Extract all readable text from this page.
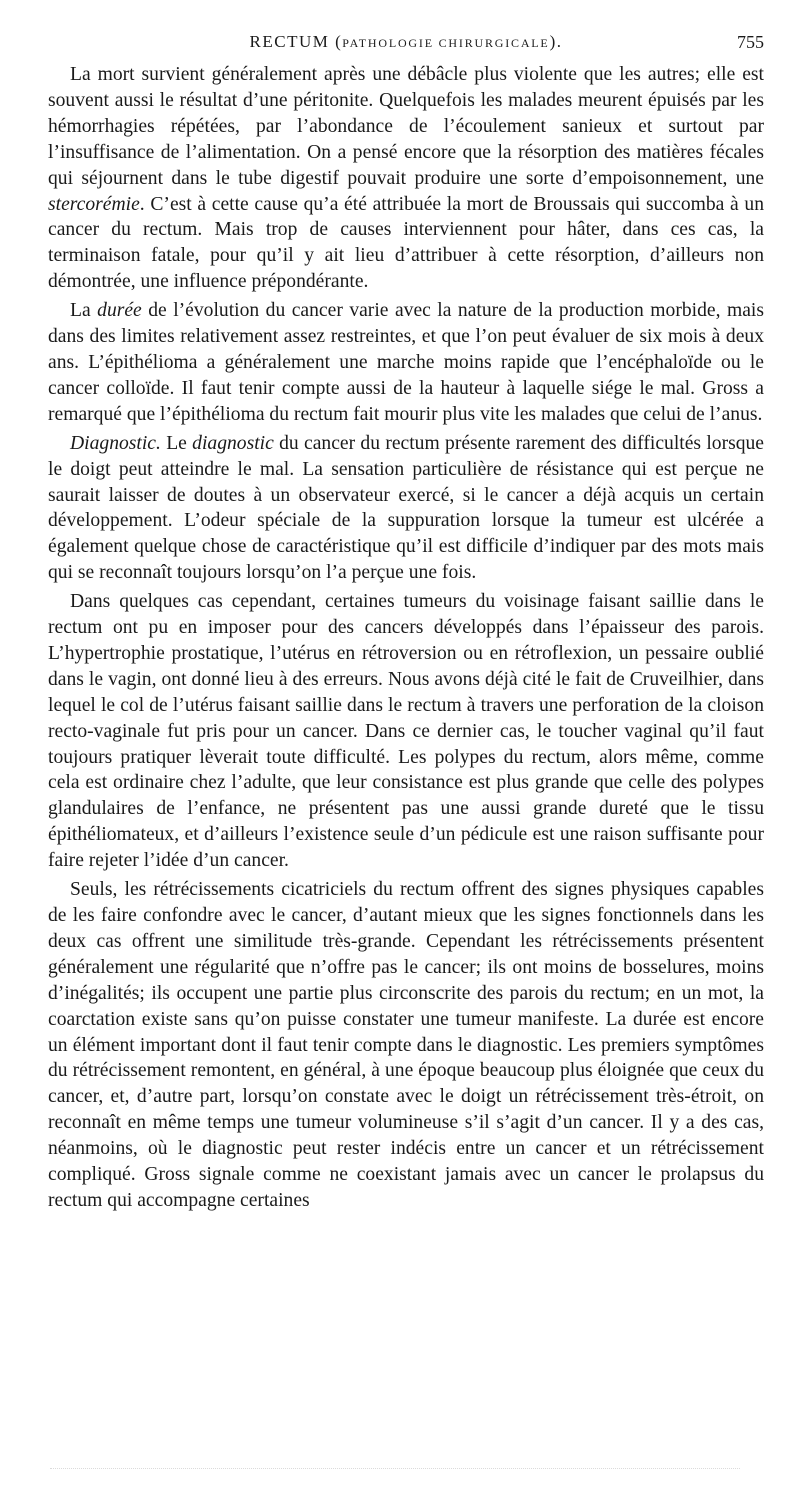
RECTUM (PATHOLOGIE CHIRURGICALE).	755

La mort survient généralement après une débâcle plus violente que les autres; elle est souvent aussi le résultat d’une péritonite. Quelquefois les malades meurent épuisés par les hémorrhagies répétées, par l’abondance de l’écoulement sanieux et surtout par l’insuffisance de l’alimentation. On a pensé encore que la résorption des matières fécales qui séjournent dans le tube digestif pouvait produire une sorte d’empoisonnement, une stercorémie. C’est à cette cause qu’a été attribuée la mort de Broussais qui succomba à un cancer du rectum. Mais trop de causes interviennent pour hâter, dans ces cas, la terminaison fatale, pour qu’il y ait lieu d’attribuer à cette résorption, d’ailleurs non démontrée, une influence prépondérante.

La durée de l’évolution du cancer varie avec la nature de la production morbide, mais dans des limites relativement assez restreintes, et que l’on peut évaluer de six mois à deux ans. L’épithélioma a généralement une marche moins rapide que l’encéphaloïde ou le cancer colloïde. Il faut tenir compte aussi de la hauteur à laquelle siége le mal. Gross a remarqué que l’épithélioma du rectum fait mourir plus vite les malades que celui de l’anus.

Diagnostic. Le diagnostic du cancer du rectum présente rarement des difficultés lorsque le doigt peut atteindre le mal. La sensation particulière de résistance qui est perçue ne saurait laisser de doutes à un observateur exercé, si le cancer a déjà acquis un certain développement. L’odeur spéciale de la suppuration lorsque la tumeur est ulcérée a également quelque chose de caractéristique qu’il est difficile d’indiquer par des mots mais qui se reconnaît toujours lorsqu’on l’a perçue une fois.

Dans quelques cas cependant, certaines tumeurs du voisinage faisant saillie dans le rectum ont pu en imposer pour des cancers développés dans l’épaisseur des parois. L’hypertrophie prostatique, l’utérus en rétroversion ou en rétroflexion, un pessaire oublié dans le vagin, ont donné lieu à des erreurs. Nous avons déjà cité le fait de Cruveilhier, dans lequel le col de l’utérus faisant saillie dans le rectum à travers une perforation de la cloison recto-vaginale fut pris pour un cancer. Dans ce dernier cas, le toucher vaginal qu’il faut toujours pratiquer lèverait toute difficulté. Les polypes du rectum, alors même, comme cela est ordinaire chez l’adulte, que leur consistance est plus grande que celle des polypes glandulaires de l’enfance, ne présentent pas une aussi grande dureté que le tissu épithéliomateux, et d’ailleurs l’existence seule d’un pédicule est une raison suffisante pour faire rejeter l’idée d’un cancer.

Seuls, les rétrécissements cicatriciels du rectum offrent des signes physiques capables de les faire confondre avec le cancer, d’autant mieux que les signes fonctionnels dans les deux cas offrent une similitude très-grande. Cependant les rétrécissements présentent généralement une régularité que n’offre pas le cancer; ils ont moins de bosselures, moins d’inégalités; ils occupent une partie plus circonscrite des parois du rectum; en un mot, la coarctation existe sans qu’on puisse constater une tumeur manifeste. La durée est encore un élément important dont il faut tenir compte dans le diagnostic. Les premiers symptômes du rétrécissement remontent, en général, à une époque beaucoup plus éloignée que ceux du cancer, et, d’autre part, lorsqu’on constate avec le doigt un rétrécissement très-étroit, on reconnaît en même temps une tumeur volumineuse s’il s’agit d’un cancer. Il y a des cas, néanmoins, où le diagnostic peut rester indécis entre un cancer et un rétrécissement compliqué. Gross signale comme ne coexistant jamais avec un cancer le prolapsus du rectum qui accompagne certaines
